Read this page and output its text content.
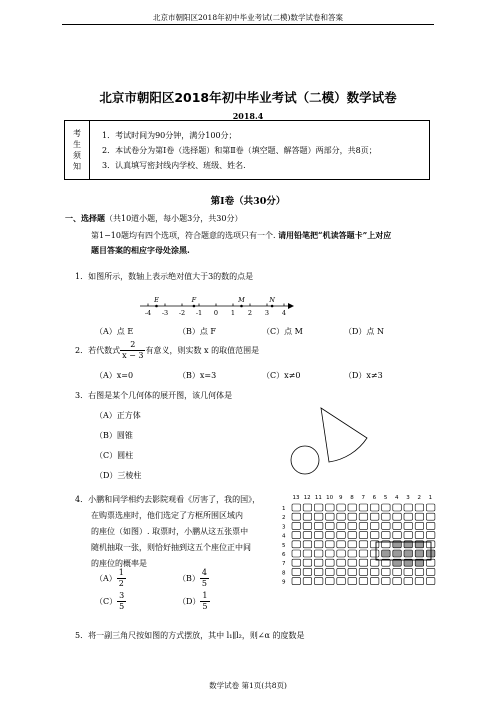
北京市朝阳区2018年初中毕业考试(二模)数学试卷和答案
北京市朝阳区2018年初中毕业考试（二模）数学试卷
2018.4
考
生
须
知

1．考试时间为90分钟，满分100分；
2．本试卷分为第Ⅰ卷（选择题）和第Ⅱ卷（填空题、解答题）两部分，共8页；
3．认真填写密封线内学校、班级、姓名.
第Ⅰ卷（共30分）
一、选择题（共10道小题，每小题3分，共30分）
第1−10题均有四个选项，符合题意的选项只有一个. 请用铅笔把“机读答题卡”上对应
题目答案的相应字母处涂黑.
1．如图所示，数轴上表示绝对值大于3的数的点是
-4 -3 -2 -1 0 1 2 3 4
E	F	M	N
（A）点 E	（B）点 F	（C）点 M	（D）点 N
2．若代数式 $\frac{2}{x - 3}$ 有意义，则实数 x 的取值范围是
（A）x=0	（B）x=3	（C）x≠0	（D）x≠3
3．右图是某个几何体的展开图，该几何体是
（A）正方体
（B）圆锥
（C）圆柱
（D）三棱柱
4．小鹏和同学相约去影院观看《厉害了，我的国》，
在购票选座时，他们选定了方框所围区域内
的座位（如图）. 取票时，小鹏从这五张票中
随机抽取一张，则恰好抽到这五个座位正中间
的座位的概率是
$(A) \frac{1}{2}$	$(B) \frac{4}{5}$
$(C) \frac{3}{5}$	$(D) \frac{1}{5}$
13 12 11 10 9 8 7 6 5 4 3 2 1
1
2
3
4
5
6
7
8
9
5．将一副三角尺按如图的方式摆放，其中 l₁∥l₂，则∠α 的度数是
数学试卷 第1页(共8页)
